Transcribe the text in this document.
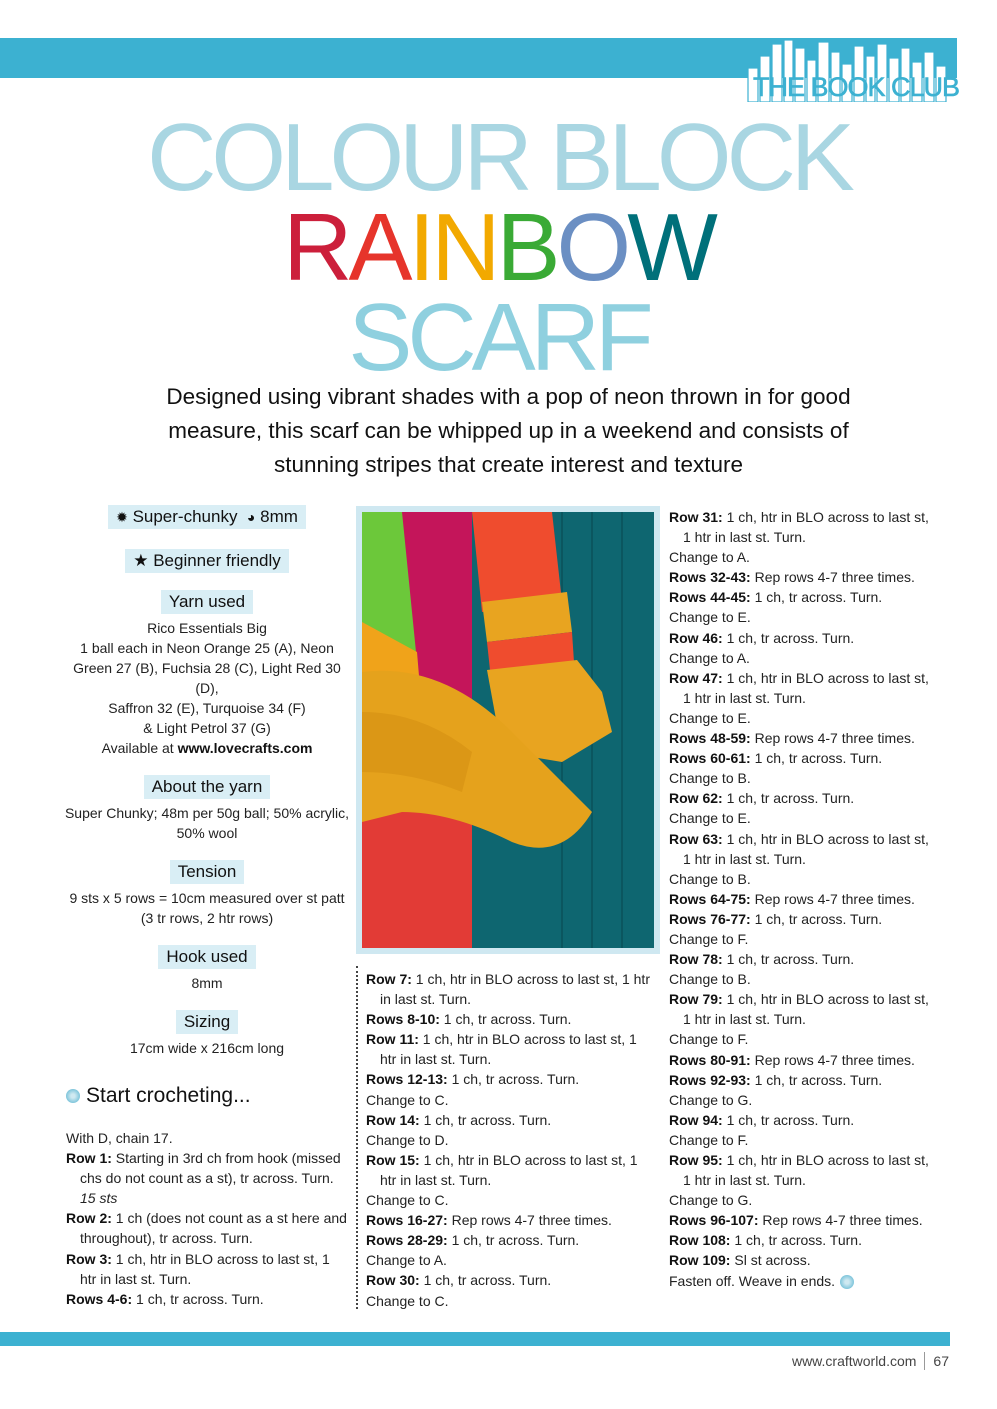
THE BOOK CLUB
COLOUR BLOCK
RAINBOW
SCARF
Designed using vibrant shades with a pop of neon thrown in for good measure, this scarf can be whipped up in a weekend and consists of stunning stripes that create interest and texture
✹ Super-chunky ◕ 8mm
★ Beginner friendly
Yarn used
Rico Essentials Big
1 ball each in Neon Orange 25 (A), Neon
Green 27 (B), Fuchsia 28 (C), Light Red 30 (D),
Saffron 32 (E), Turquoise 34 (F)
& Light Petrol 37 (G)
Available at www.lovecrafts.com
About the yarn
Super Chunky; 48m per 50g ball; 50% acrylic,
50% wool
Tension
9 sts x 5 rows = 10cm measured over st patt
(3 tr rows, 2 htr rows)
Hook used
8mm
Sizing
17cm wide x 216cm long
Start crocheting...
With D, chain 17.
Row 1: Starting in 3rd ch from hook (missed chs do not count as a st), tr across. Turn. 15 sts
Row 2: 1 ch (does not count as a st here and throughout), tr across. Turn.
Row 3: 1 ch, htr in BLO across to last st, 1 htr in last st. Turn.
Rows 4-6: 1 ch, tr across. Turn.
Row 7: 1 ch, htr in BLO across to last st, 1 htr in last st. Turn.
Rows 8-10: 1 ch, tr across. Turn.
Row 11: 1 ch, htr in BLO across to last st, 1 htr in last st. Turn.
Rows 12-13: 1 ch, tr across. Turn.
Change to C.
Row 14: 1 ch, tr across. Turn.
Change to D.
Row 15: 1 ch, htr in BLO across to last st, 1 htr in last st. Turn.
Change to C.
Rows 16-27: Rep rows 4-7 three times.
Rows 28-29: 1 ch, tr across. Turn.
Change to A.
Row 30: 1 ch, tr across. Turn.
Change to C.
Row 31: 1 ch, htr in BLO across to last st, 1 htr in last st. Turn.
Change to A.
Rows 32-43: Rep rows 4-7 three times.
Rows 44-45: 1 ch, tr across. Turn.
Change to E.
Row 46: 1 ch, tr across. Turn.
Change to A.
Row 47: 1 ch, htr in BLO across to last st, 1 htr in last st. Turn.
Change to E.
Rows 48-59: Rep rows 4-7 three times.
Rows 60-61: 1 ch, tr across. Turn.
Change to B.
Row 62: 1 ch, tr across. Turn.
Change to E.
Row 63: 1 ch, htr in BLO across to last st, 1 htr in last st. Turn.
Change to B.
Rows 64-75: Rep rows 4-7 three times.
Rows 76-77: 1 ch, tr across. Turn.
Change to F.
Row 78: 1 ch, tr across. Turn.
Change to B.
Row 79: 1 ch, htr in BLO across to last st, 1 htr in last st. Turn.
Change to F.
Rows 80-91: Rep rows 4-7 three times.
Rows 92-93: 1 ch, tr across. Turn.
Change to G.
Row 94: 1 ch, tr across. Turn.
Change to F.
Row 95: 1 ch, htr in BLO across to last st, 1 htr in last st. Turn.
Change to G.
Rows 96-107: Rep rows 4-7 three times.
Row 108: 1 ch, tr across. Turn.
Row 109: Sl st across.
Fasten off. Weave in ends.
www.craftworld.com 67
